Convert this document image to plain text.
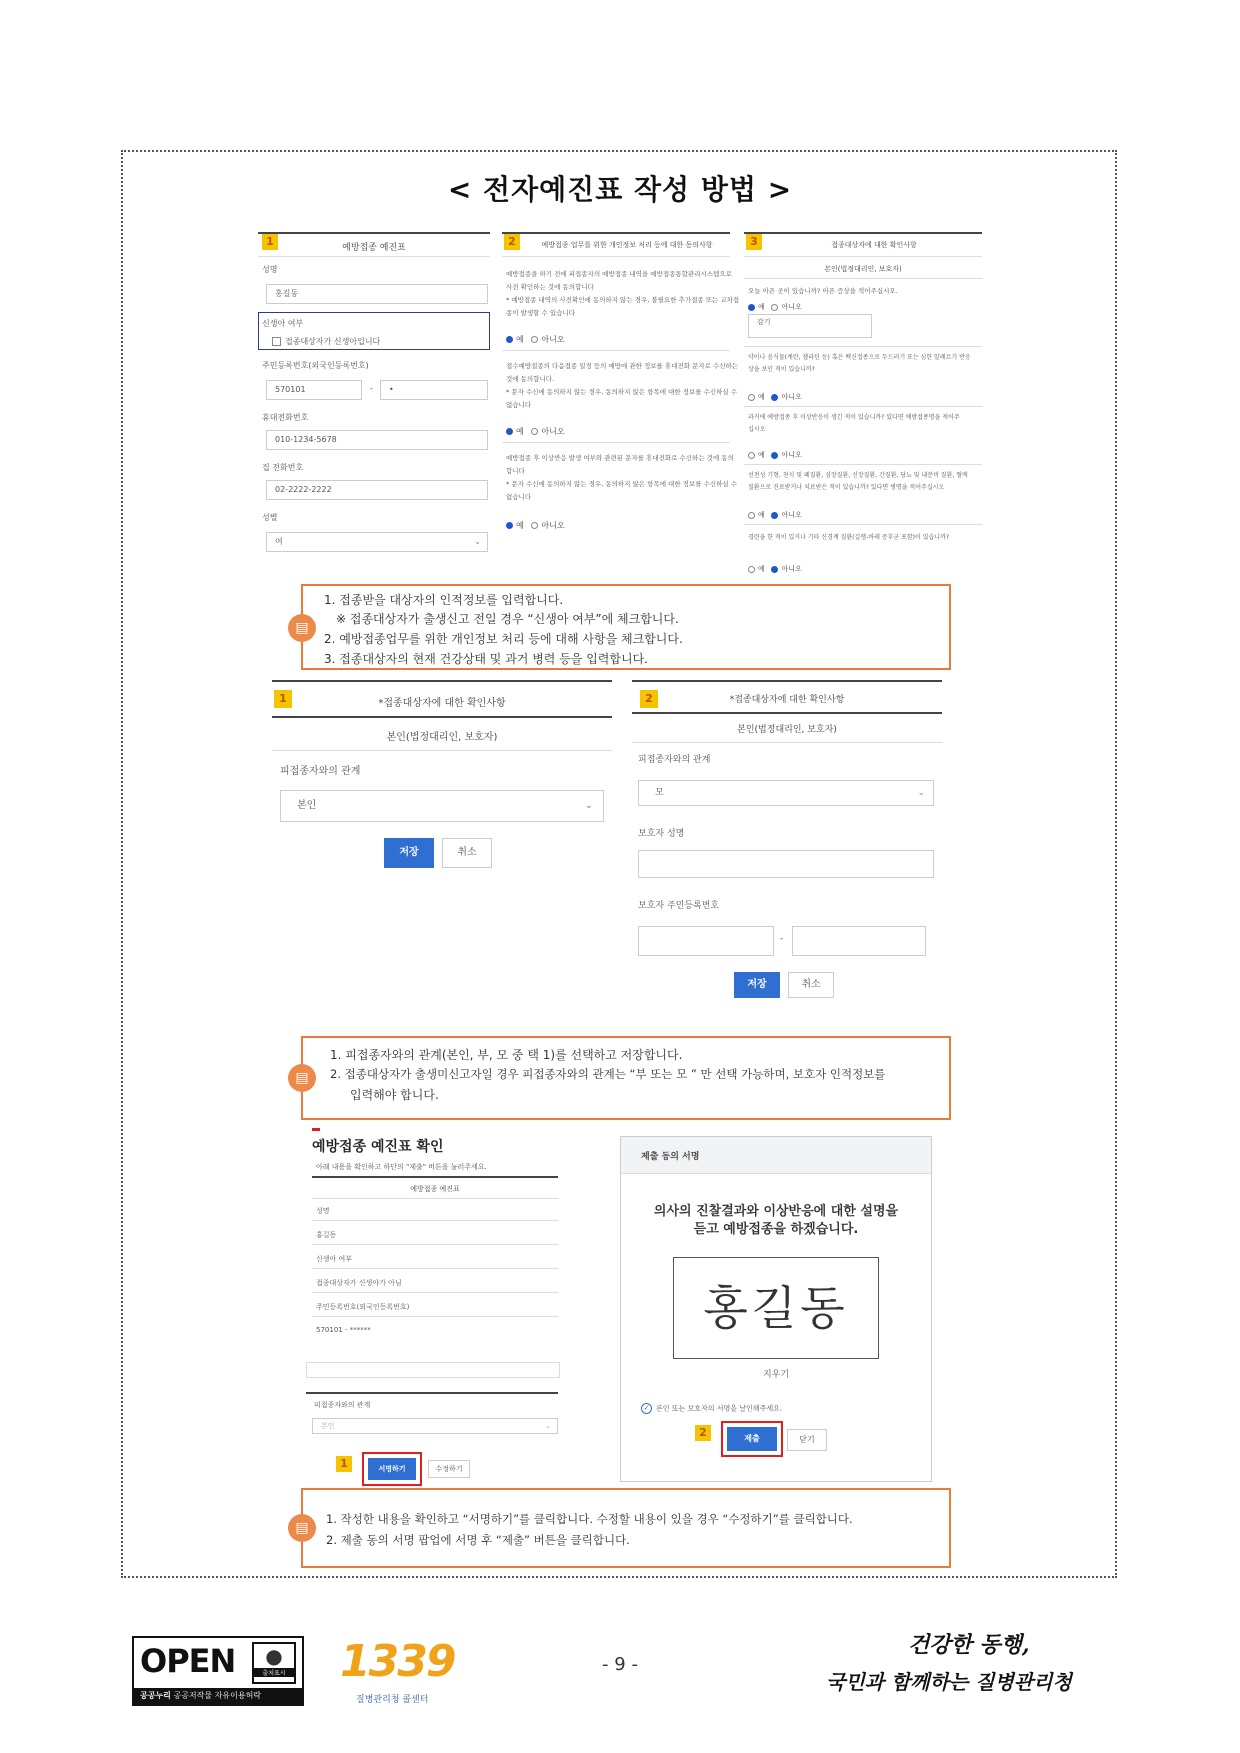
< 전자예진표 작성 방법 >
1	예방접종 예진표
성명
홍길동
신생아 여부
접종대상자가 신생아입니다
주민등록번호(외국인등록번호)
570101	-	•
휴대전화번호
010-1234-5678
집 전화번호
02-2222-2222
성별
여	⌄
2	예방접종 업무를 위한 개인정보 처리 등에 대한 동의사항
예방접종을 하기 전에 피접종자의 예방접종 내역을 예방접종통합관리시스템으로
사전 확인하는 것에 동의합니다
* 예방접종 내역의 사전확인에 동의하지 않는 경우, 불필요한 추가접종 또는 교차접
종이 발생할 수 있습니다
예 아니오
접수예방접종의 다음접종 일정 등의 예방에 관한 정보를 휴대전화 문자로 수신하는
것에 동의합니다.
* 문자 수신에 동의하지 않는 경우, 동의하지 않은 항목에 대한 정보를 수신하실 수
없습니다
예 아니오
예방접종 후 이상반응 발생 여부와 관련된 문자를 휴대전화로 수신하는 것에 동의
합니다
* 문자 수신에 동의하지 않는 경우, 동의하지 않은 항목에 대한 정보를 수신하실 수
없습니다
예 아니오
3	접종대상자에 대한 확인사항
본인(법정대리인, 보호자)
오늘 아픈 곳이 있습니까? 아픈 증상을 적어주십시오.
예 아니오
감기
약이나 음식물(계란, 젤라틴 등) 혹은 백신접종으로 두드러기 또는 심한 알레르기 반응
상을 보인 적이 있습니까?
예 아니오
과거에 예방접종 후 이상반응이 생긴 적이 있습니까? 있다면 예방접종명을 적어주
십시오
예 아니오
선천성 기형, 천식 및 폐질환, 심장질환, 신장질환, 간질환, 당뇨 및 내분비 질환, 혈액
질환으로 진료받거나 치료받은 적이 있습니까? 있다면 병명을 적어주십시오
예 아니오
경련을 한 적이 있거나 기타 신경계 질환(길랭-바레 증후군 포함)이 있습니까?
예 아니오
▤
1. 접종받을 대상자의 인적정보를 입력합니다.
※ 접종대상자가 출생신고 전일 경우 “신생아 여부”에 체크합니다.
2. 예방접종업무를 위한 개인정보 처리 등에 대해 사항을 체크합니다.
3. 접종대상자의 현재 건강상태 및 과거 병력 등을 입력합니다.
1	*접종대상자에 대한 확인사항
본인(법정대리인, 보호자)
피접종자와의 관계
본인	⌄
저장	취소
2	*접종대상자에 대한 확인사항
본인(법정대리인, 보호자)
피접종자와의 관계
모	⌄
보호자 성명
보호자 주민등록번호
-
저장	취소
▤
1. 피접종자와의 관계(본인, 부, 모 중 택 1)를 선택하고 저장합니다.
2. 접종대상자가 출생미신고자일 경우 피접종자와의 관계는 “부 또는 모 ” 만 선택 가능하며, 보호자 인적정보를
입력해야 합니다.
예방접종 예진표 확인
아래 내용을 확인하고 하단의 "제출" 버튼을 눌러주세요.
예방접종 예진표
성명
홍길동
신생아 여부
접종대상자가 신생아가 아님
주민등록번호(외국인등록번호)
570101 - ******
피접종자와의 관계
본인	⌄
1	서명하기	수정하기
제출 동의 서명
의사의 진찰결과와 이상반응에 대한 설명을
듣고 예방접종을 하겠습니다.
홍길동
지우기
✓ 본인 또는 보호자의 서명을 날인해주세요.
2	제출	닫기
▤
1. 작성한 내용을 확인하고 “서명하기”를 클릭합니다. 수정할 내용이 있을 경우 “수정하기”를 클릭합니다.
2. 제출 동의 서명 팝업에 서명 후 “제출” 버튼을 클릭합니다.
OPEN	●
출처표시
공공누리 공공저작물 자유이용허락
1339
질병관리청 콜센터
- 9 -
건강한 동행,
국민과 함께하는 질병관리청
